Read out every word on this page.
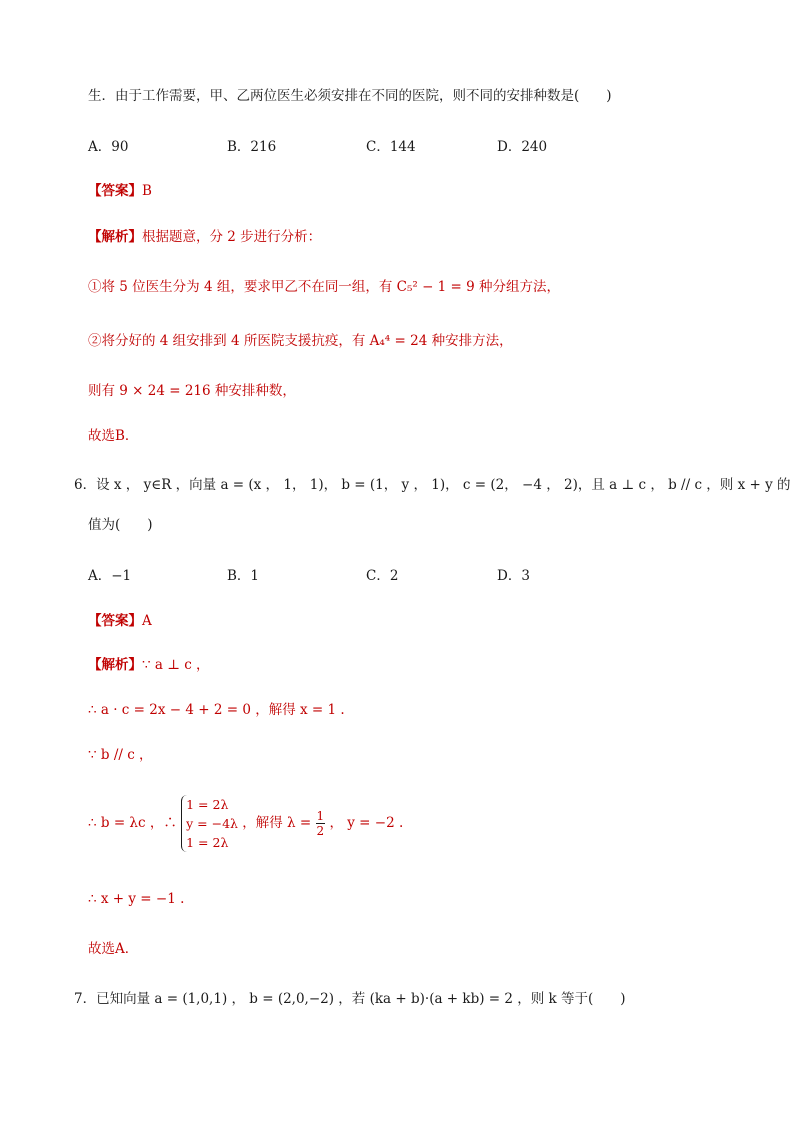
生．由于工作需要，甲、乙两位医生必须安排在不同的医院，则不同的安排种数是(　　)
A．90	B．216	C．144	D．240
【答案】B
【解析】根据题意，分 2 步进行分析：
①将 5 位医生分为 4 组，要求甲乙不在同一组，有 C₅² − 1 = 9 种分组方法，
②将分好的 4 组安排到 4 所医院支援抗疫，有 A₄⁴ = 24 种安排方法，
则有 9 × 24 = 216 种安排种数，
故选B．
6．设 x ， y∈R ，向量 a = (x ， 1， 1)， b = (1， y ， 1)， c = (2， −4 ， 2)，且 a ⊥ c ， b // c ，则 x + y 的
值为(　　)
A．−1	B．1	C．2	D．3
【答案】A
【解析】∵ a ⊥ c ，
∴ a · c = 2x − 4 + 2 = 0 ，解得 x = 1 .
∵ b // c ，
∴ b = λc ，∴
1 = 2λ
y = −4λ
1 = 2λ
，解得 $\lambda = \frac{1}{2}$ ， y = −2 .
∴ x + y = −1 .
故选A．
7．已知向量 a = (1,0,1) ， b = (2,0,−2) ，若 (ka + b)·(a + kb) = 2 ，则 k 等于(　　)
